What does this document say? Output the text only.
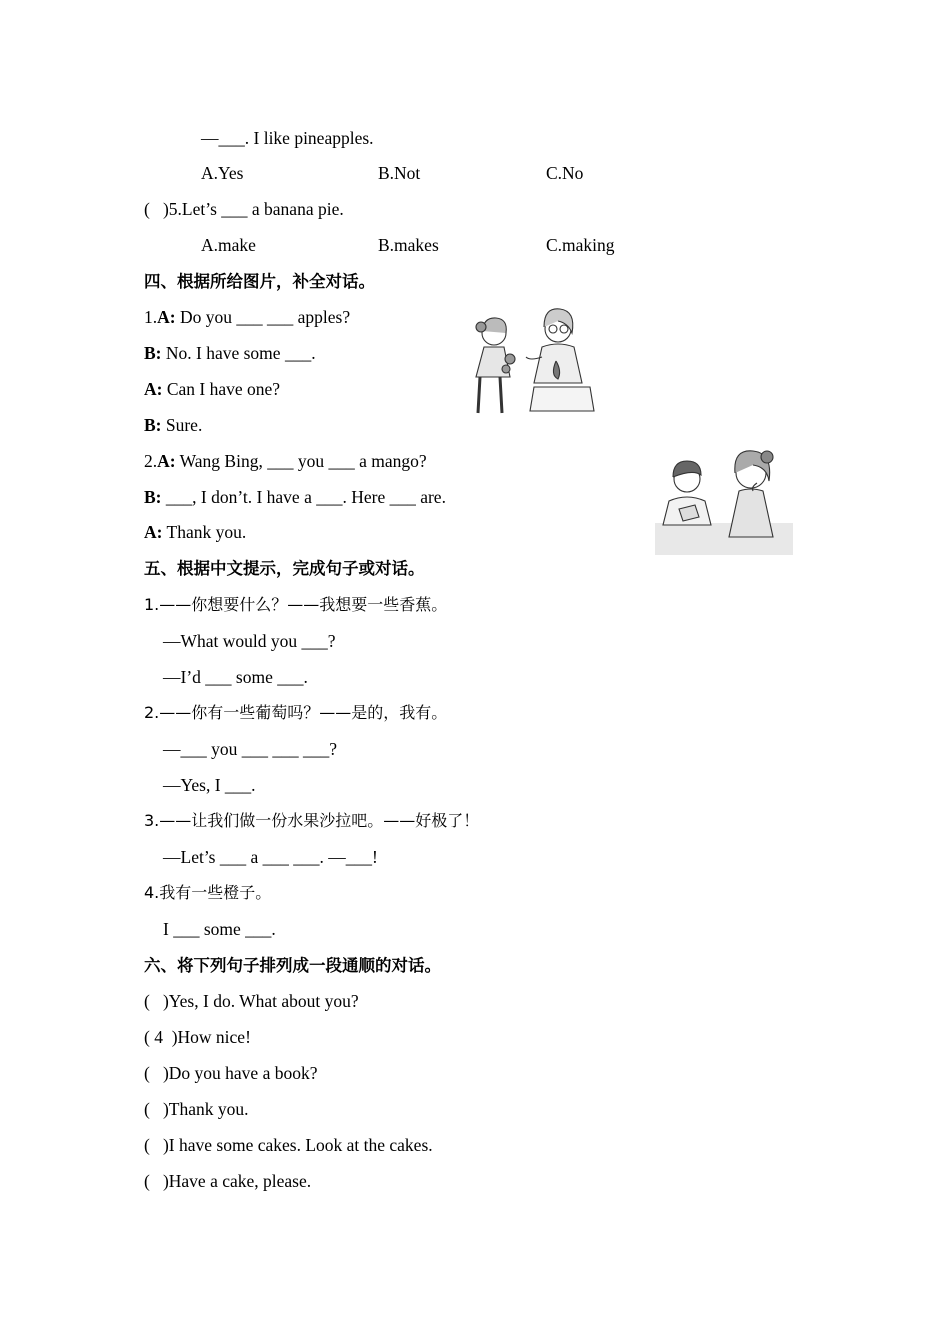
—___. I like pineapples.
A.Yes	B.Not	C.No
(   )5.Let’s ___ a banana pie.
A.make	B.makes	C.making
四、根据所给图片，补全对话。
1.A: Do you ___ ___ apples?
B: No. I have some ___.
A: Can I have one?
B: Sure.
2.A: Wang Bing, ___ you ___ a mango?
B: ___, I don’t. I have a ___. Here ___ are.
A: Thank you.
五、根据中文提示，完成句子或对话。
1.——你想要什么？——我想要一些香蕉。
—What would you ___?
—I’d ___ some ___.
2.——你有一些葡萄吗？——是的，我有。
—___ you ___ ___ ___?
—Yes, I ___.
3.——让我们做一份水果沙拉吧。——好极了！
—Let’s ___ a ___ ___. —___!
4.我有一些橙子。
I ___ some ___.
六、将下列句子排列成一段通顺的对话。
(   )Yes, I do. What about you?
( 4  )How nice!
(   )Do you have a book?
(   )Thank you.
(   )I have some cakes. Look at the cakes.
(   )Have a cake, please.
